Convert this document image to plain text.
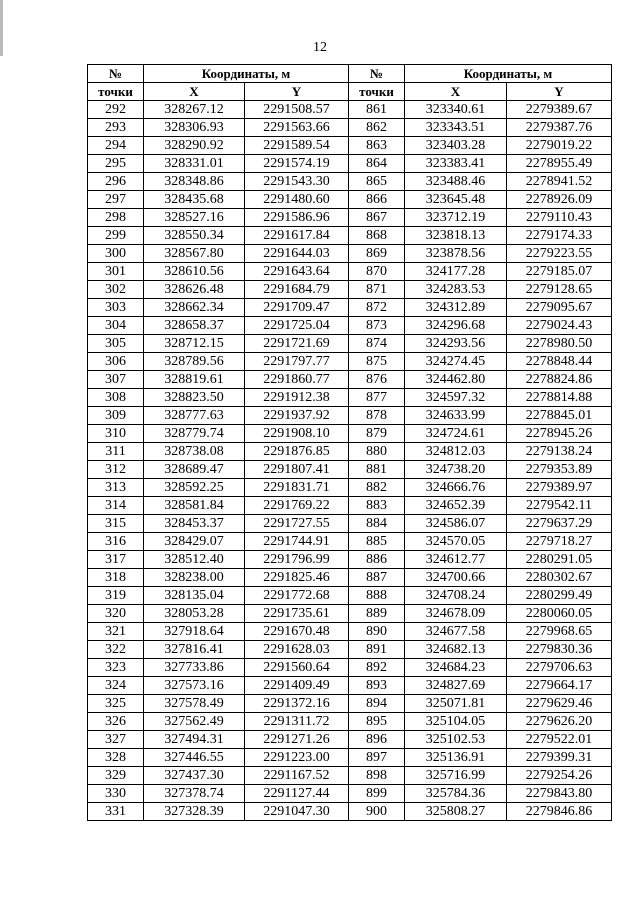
12
№	Координаты, м		№	Координаты, м	
точки	X	Y	точки	X	Y
292	328267.12	2291508.57	861	323340.61	2279389.67
293	328306.93	2291563.66	862	323343.51	2279387.76
294	328290.92	2291589.54	863	323403.28	2279019.22
295	328331.01	2291574.19	864	323383.41	2278955.49
296	328348.86	2291543.30	865	323488.46	2278941.52
297	328435.68	2291480.60	866	323645.48	2278926.09
298	328527.16	2291586.96	867	323712.19	2279110.43
299	328550.34	2291617.84	868	323818.13	2279174.33
300	328567.80	2291644.03	869	323878.56	2279223.55
301	328610.56	2291643.64	870	324177.28	2279185.07
302	328626.48	2291684.79	871	324283.53	2279128.65
303	328662.34	2291709.47	872	324312.89	2279095.67
304	328658.37	2291725.04	873	324296.68	2279024.43
305	328712.15	2291721.69	874	324293.56	2278980.50
306	328789.56	2291797.77	875	324274.45	2278848.44
307	328819.61	2291860.77	876	324462.80	2278824.86
308	328823.50	2291912.38	877	324597.32	2278814.88
309	328777.63	2291937.92	878	324633.99	2278845.01
310	328779.74	2291908.10	879	324724.61	2278945.26
311	328738.08	2291876.85	880	324812.03	2279138.24
312	328689.47	2291807.41	881	324738.20	2279353.89
313	328592.25	2291831.71	882	324666.76	2279389.97
314	328581.84	2291769.22	883	324652.39	2279542.11
315	328453.37	2291727.55	884	324586.07	2279637.29
316	328429.07	2291744.91	885	324570.05	2279718.27
317	328512.40	2291796.99	886	324612.77	2280291.05
318	328238.00	2291825.46	887	324700.66	2280302.67
319	328135.04	2291772.68	888	324708.24	2280299.49
320	328053.28	2291735.61	889	324678.09	2280060.05
321	327918.64	2291670.48	890	324677.58	2279968.65
322	327816.41	2291628.03	891	324682.13	2279830.36
323	327733.86	2291560.64	892	324684.23	2279706.63
324	327573.16	2291409.49	893	324827.69	2279664.17
325	327578.49	2291372.16	894	325071.81	2279629.46
326	327562.49	2291311.72	895	325104.05	2279626.20
327	327494.31	2291271.26	896	325102.53	2279522.01
328	327446.55	2291223.00	897	325136.91	2279399.31
329	327437.30	2291167.52	898	325716.99	2279254.26
330	327378.74	2291127.44	899	325784.36	2279843.80
331	327328.39	2291047.30	900	325808.27	2279846.86
